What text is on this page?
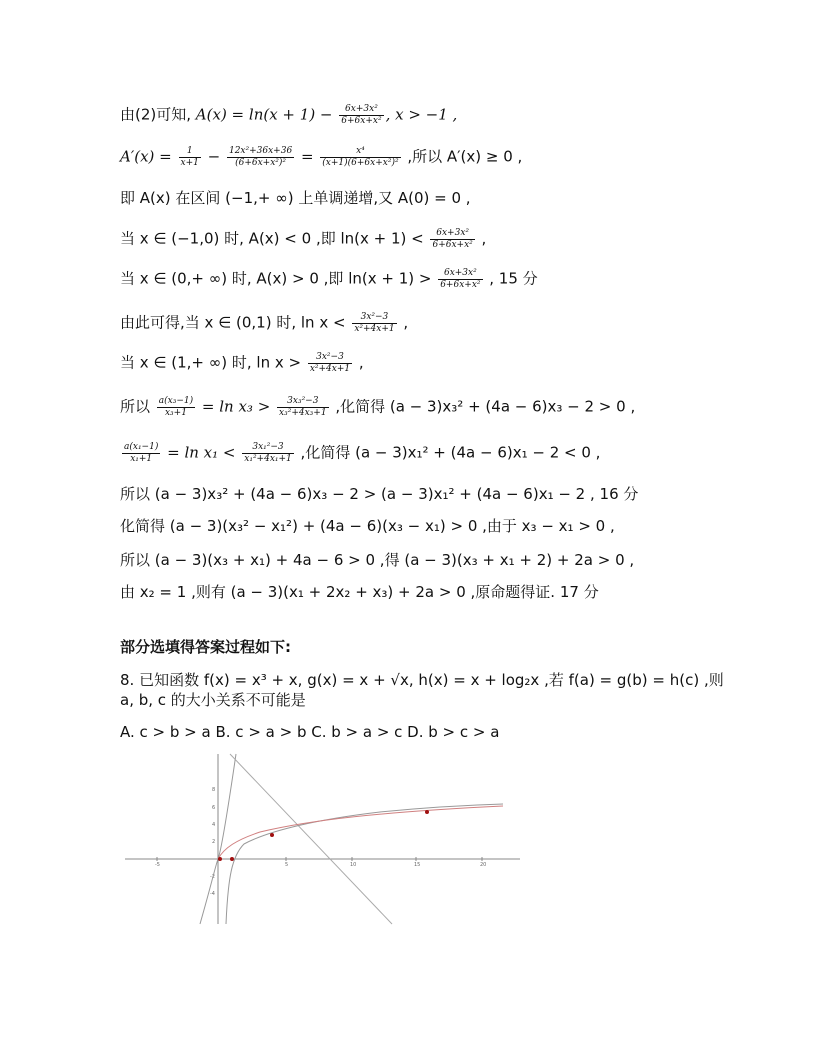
由(2)可知, $A(x) = \ln(x + 1) - \frac{\text{6x+3x²}}{\text{6+6x+x²}}$ , x > −1 ,
$A'(x) = \frac{1}{x+1} - \frac{\text{12x²+36x+36}}{\text{(6+6x+x²)²}} = \frac{\text{x⁴}}{\text{(x+1)(6+6x+x²)²}}$ ,所以 A′(x) ≥ 0 ,
即 A(x) 在区间 (−1,+ ∞) 上单调递增,又 A(0) = 0 ,
当 x ∈ (−1,0) 时, A(x) < 0 ,即 $\ln(x + 1) < \frac{\text{6x+3x²}}{\text{6+6x+x²}}$ ,
当 x ∈ (0,+ ∞) 时, A(x) > 0 ,即 $\ln(x + 1) > \frac{\text{6x+3x²}}{\text{6+6x+x²}}$ , 15 分
由此可得,当 x ∈ (0,1) 时, $\ln x < \frac{\text{3x²−3}}{\text{x²+4x+1}}$ ,
当 x ∈ (1,+ ∞) 时, $\ln x > \frac{\text{3x²−3}}{\text{x²+4x+1}}$ ,
所以 $\frac{\text{a(x₃−1)}}{\text{x₃+1}} = \ln x_3 > \frac{\text{3x₃²−3}}{\text{x₃²+4x₃+1}}$ ,化简得 (a − 3)x₃² + (4a − 6)x₃ − 2 > 0 ,
$\frac{\text{a(x₁−1)}}{\text{x₁+1}} = \ln x_1 < \frac{\text{3x₁²−3}}{\text{x₁²+4x₁+1}}$ ,化简得 (a − 3)x₁² + (4a − 6)x₁ − 2 < 0 ,
所以 (a − 3)x₃² + (4a − 6)x₃ − 2 > (a − 3)x₁² + (4a − 6)x₁ − 2 , 16 分
化简得 (a − 3)(x₃² − x₁²) + (4a − 6)(x₃ − x₁) > 0 ,由于 x₃ − x₁ > 0 ,
所以 (a − 3)(x₃ + x₁) + 4a − 6 > 0 ,得 (a − 3)(x₃ + x₁ + 2) + 2a > 0 ,
由 x₂ = 1 ,则有 (a − 3)(x₁ + 2x₂ + x₃) + 2a > 0 ,原命题得证. 17 分
部分选填得答案过程如下:
8. 已知函数 f(x) = x³ + x, g(x) = x + √x, h(x) = x + log₂x ,若 f(a) = g(b) = h(c) ,则
a, b, c 的大小关系不可能是
A. c > b > a B. c > a > b C. b > a > c D. b > c > a
-5	5	10	15	20
8
6
4
2
-2
-4
